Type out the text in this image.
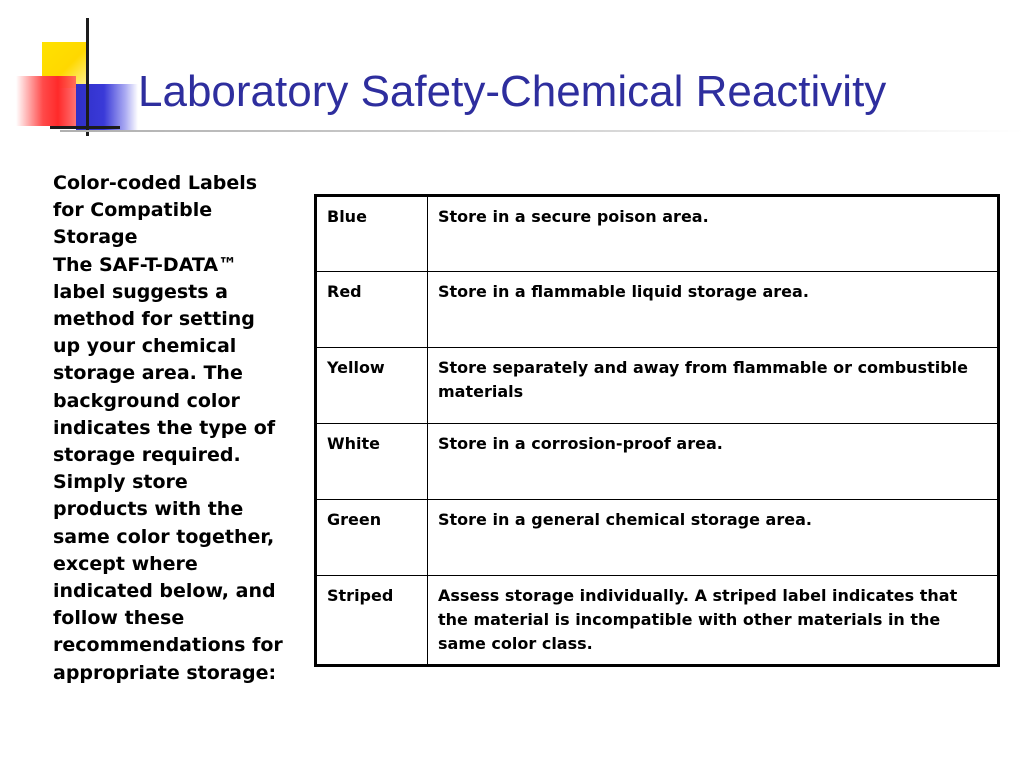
Laboratory Safety-Chemical Reactivity

Color-coded Labels for Compatible Storage

The SAF-T-DATA™ label suggests a method for setting up your chemical storage area. The background color indicates the type of storage required. Simply store products with the same color together, except where indicated below, and follow these recommendations for appropriate storage:

Blue	Store in a secure poison area.
Red	Store in a flammable liquid storage area.
Yellow	Store separately and away from flammable or combustible materials
White	Store in a corrosion-proof area.
Green	Store in a general chemical storage area.
Striped	Assess storage individually. A striped label indicates that the material is incompatible with other materials in the same color class.
